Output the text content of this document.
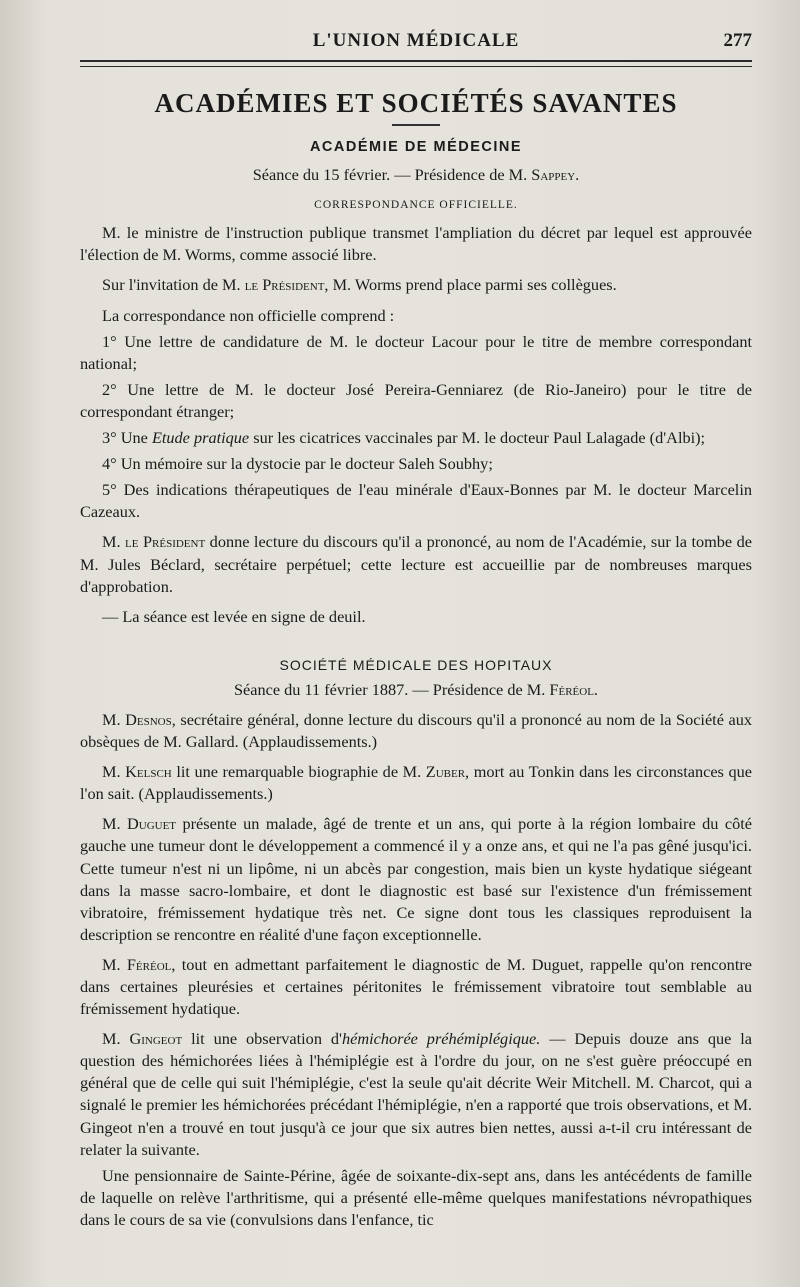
L'UNION MÉDICALE	277
ACADÉMIES ET SOCIÉTÉS SAVANTES
ACADÉMIE DE MÉDECINE
Séance du 15 février. — Présidence de M. Sappey.
CORRESPONDANCE OFFICIELLE.

M. le ministre de l'instruction publique transmet l'ampliation du décret par lequel est approuvée l'élection de M. Worms, comme associé libre.

Sur l'invitation de M. le Président, M. Worms prend place parmi ses collègues.

La correspondance non officielle comprend :

1° Une lettre de candidature de M. le docteur Lacour pour le titre de membre correspondant national;

2° Une lettre de M. le docteur José Pereira-Genniarez (de Rio-Janeiro) pour le titre de correspondant étranger;

3° Une Etude pratique sur les cicatrices vaccinales par M. le docteur Paul Lalagade (d'Albi);

4° Un mémoire sur la dystocie par le docteur Saleh Soubhy;

5° Des indications thérapeutiques de l'eau minérale d'Eaux-Bonnes par M. le docteur Marcelin Cazeaux.

M. le Président donne lecture du discours qu'il a prononcé, au nom de l'Académie, sur la tombe de M. Jules Béclard, secrétaire perpétuel; cette lecture est accueillie par de nombreuses marques d'approbation.

— La séance est levée en signe de deuil.

SOCIÉTÉ MÉDICALE DES HOPITAUX
Séance du 11 février 1887. — Présidence de M. Féréol.

M. Desnos, secrétaire général, donne lecture du discours qu'il a prononcé au nom de la Société aux obsèques de M. Gallard. (Applaudissements.)

M. Kelsch lit une remarquable biographie de M. Zuber, mort au Tonkin dans les circonstances que l'on sait. (Applaudissements.)

M. Duguet présente un malade, âgé de trente et un ans, qui porte à la région lombaire du côté gauche une tumeur dont le développement a commencé il y a onze ans, et qui ne l'a pas gêné jusqu'ici. Cette tumeur n'est ni un lipôme, ni un abcès par congestion, mais bien un kyste hydatique siégeant dans la masse sacro-lombaire, et dont le diagnostic est basé sur l'existence d'un frémissement vibratoire, frémissement hydatique très net. Ce signe dont tous les classiques reproduisent la description se rencontre en réalité d'une façon exceptionnelle.

M. Féréol, tout en admettant parfaitement le diagnostic de M. Duguet, rappelle qu'on rencontre dans certaines pleurésies et certaines péritonites le frémissement vibratoire tout semblable au frémissement hydatique.

M. Gingeot lit une observation d'hémichorée préhémiplégique. — Depuis douze ans que la question des hémichorées liées à l'hémiplégie est à l'ordre du jour, on ne s'est guère préoccupé en général que de celle qui suit l'hémiplégie, c'est la seule qu'ait décrite Weir Mitchell. M. Charcot, qui a signalé le premier les hémichorées précédant l'hémiplégie, n'en a rapporté que trois observations, et M. Gingeot n'en a trouvé en tout jusqu'à ce jour que six autres bien nettes, aussi a-t-il cru intéressant de relater la suivante.

Une pensionnaire de Sainte-Périne, âgée de soixante-dix-sept ans, dans les antécédents de famille de laquelle on relève l'arthritisme, qui a présenté elle-même quelques manifestations névropathiques dans le cours de sa vie (convulsions dans l'enfance, tic
